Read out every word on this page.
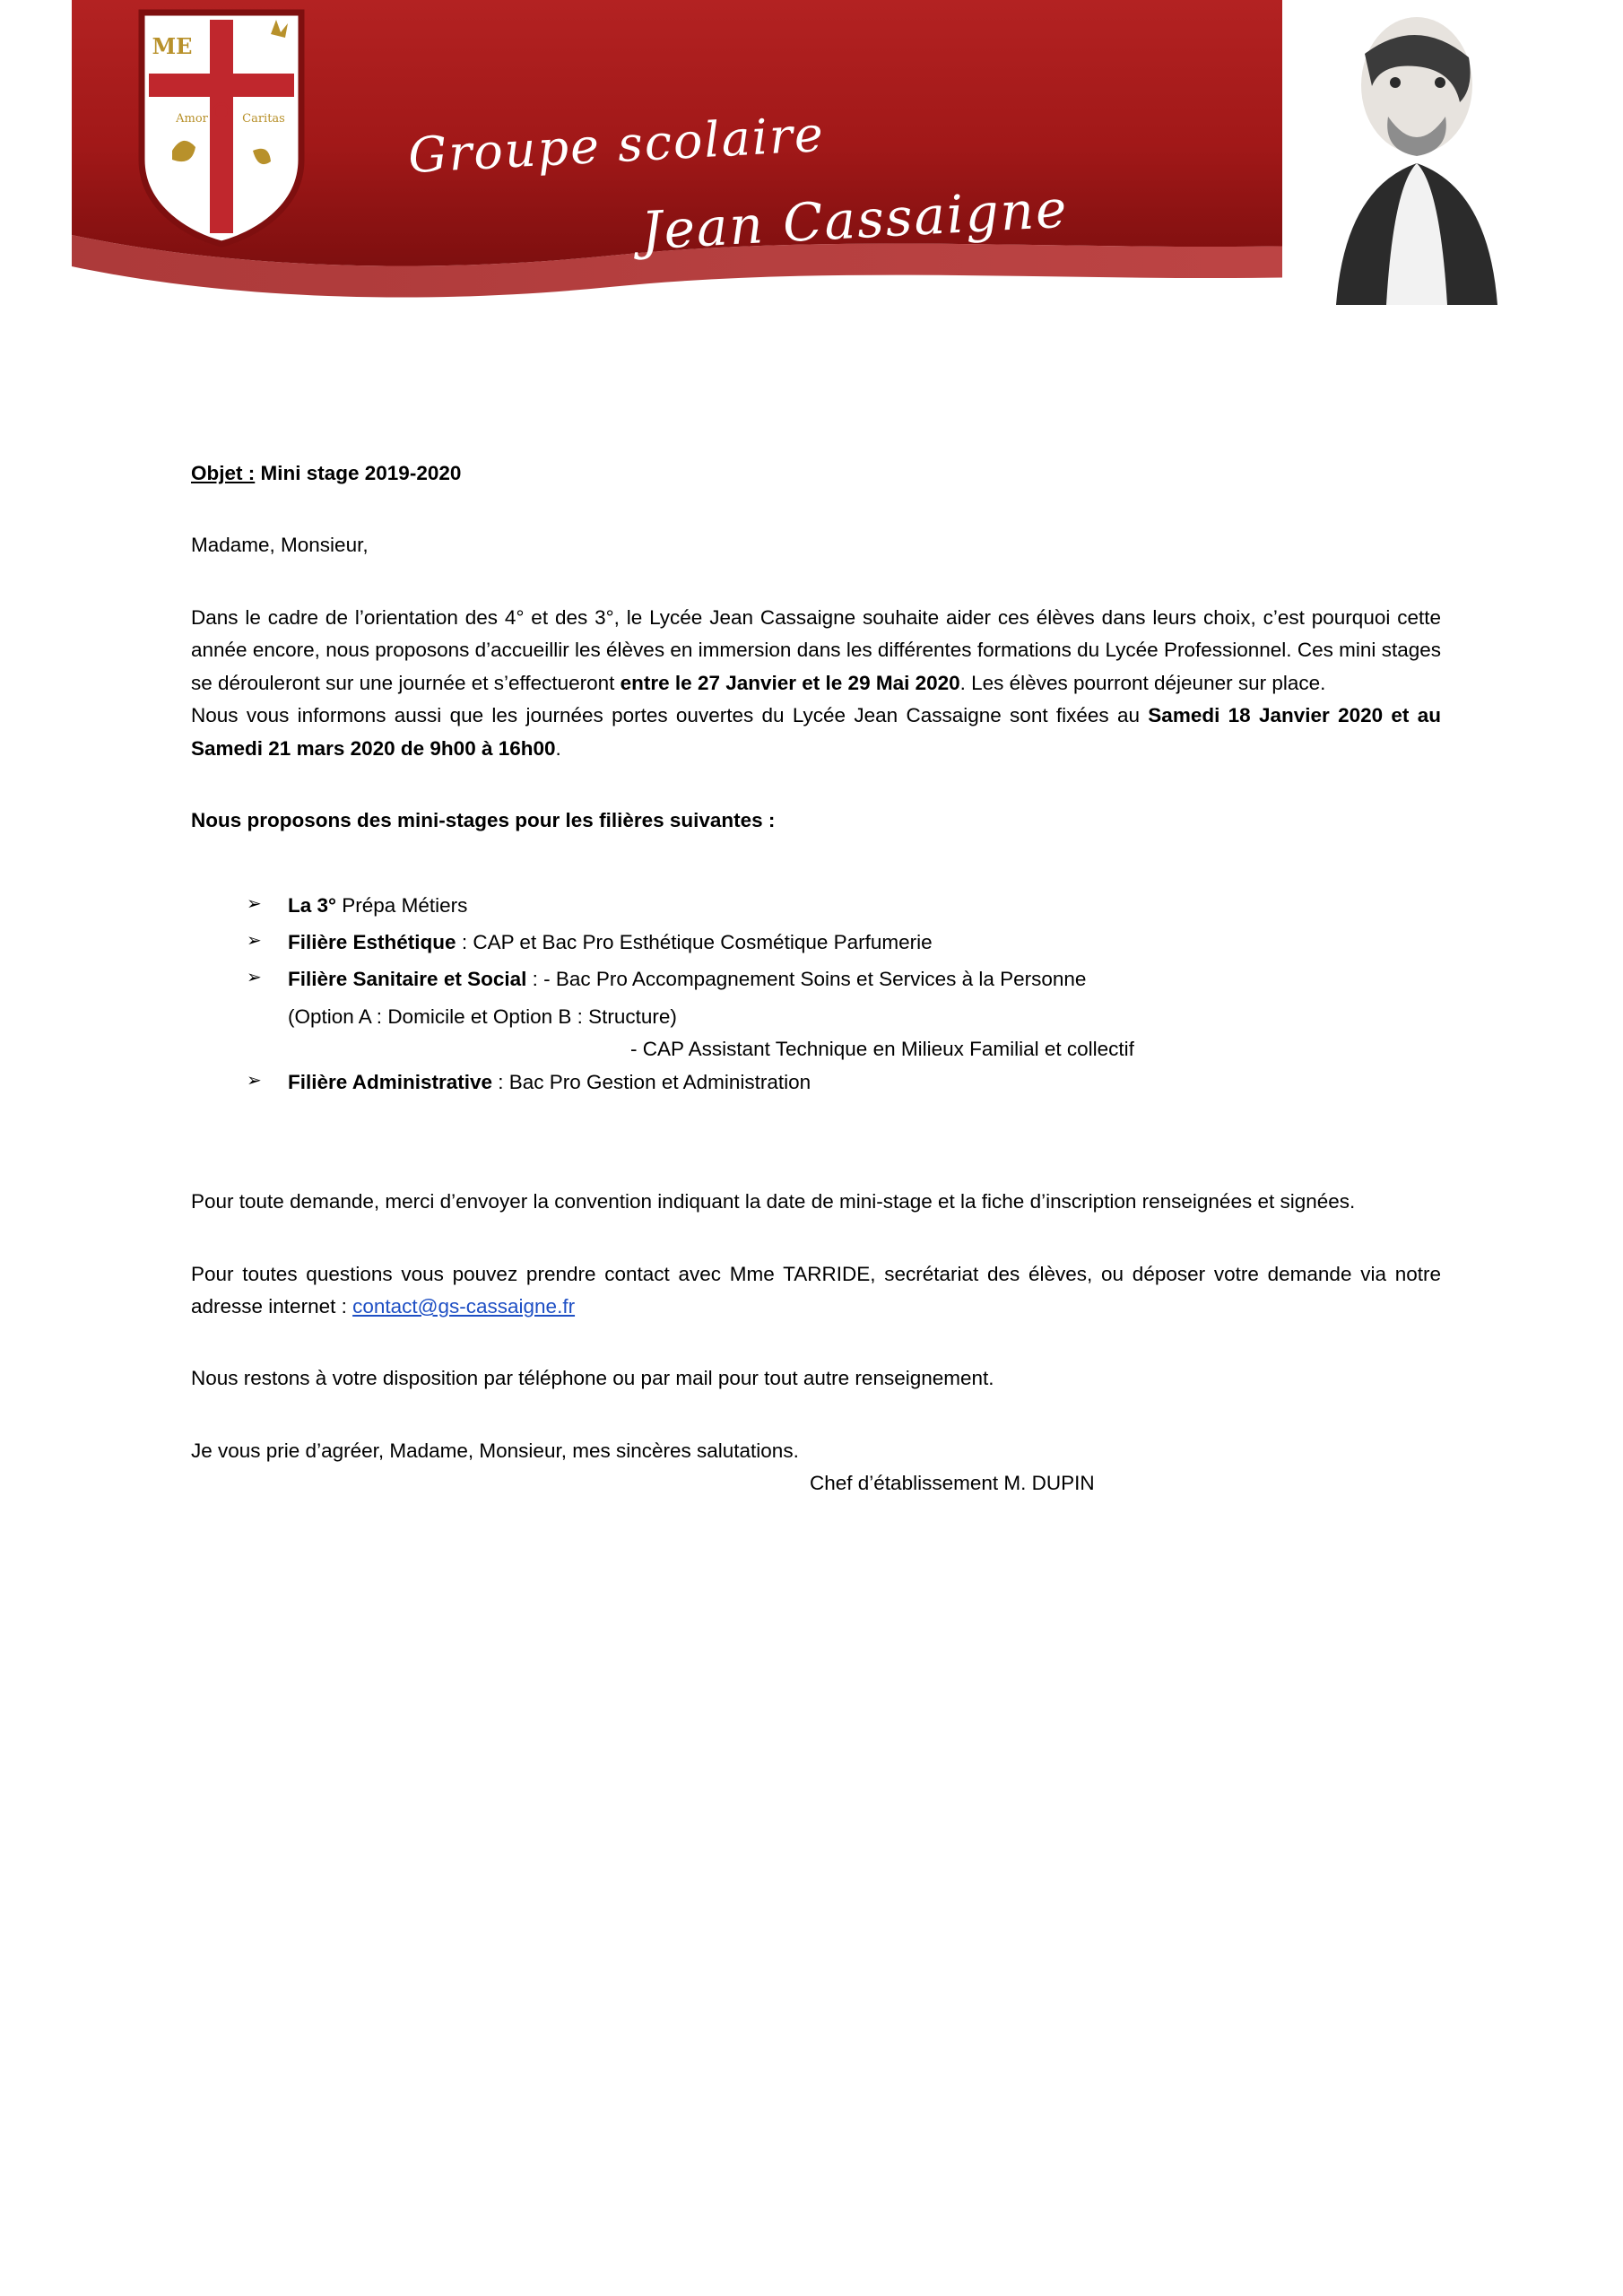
ME
Amor	Caritas	Groupe scolaire
Jean Cassaigne

Objet : Mini stage 2019-2020

Madame, Monsieur,

Dans le cadre de l’orientation des 4° et des 3°, le Lycée Jean Cassaigne souhaite aider ces élèves dans leurs choix, c’est pourquoi cette année encore, nous proposons d’accueillir les élèves en immersion dans les différentes formations du Lycée Professionnel. Ces mini stages se dérouleront sur une journée et s’effectueront entre le 27 Janvier et le 29 Mai 2020. Les élèves pourront déjeuner sur place.

Nous vous informons aussi que les journées portes ouvertes du Lycée Jean Cassaigne sont fixées au Samedi 18 Janvier 2020 et au Samedi 21 mars 2020 de 9h00 à 16h00.

Nous proposons des mini-stages pour les filières suivantes :

➢ La 3° Prépa Métiers
➢ Filière Esthétique : CAP et Bac Pro Esthétique Cosmétique Parfumerie
➢ Filière Sanitaire et Social : - Bac Pro Accompagnement Soins et Services à la Personne
(Option A : Domicile et Option B : Structure)
- CAP Assistant Technique en Milieux Familial et collectif
➢ Filière Administrative : Bac Pro Gestion et Administration

Pour toute demande, merci d’envoyer la convention indiquant la date de mini-stage et la fiche d’inscription renseignées et signées.

Pour toutes questions vous pouvez prendre contact avec Mme TARRIDE, secrétariat des élèves, ou déposer votre demande via notre adresse internet : contact@gs-cassaigne.fr

Nous restons à votre disposition par téléphone ou par mail pour tout autre renseignement.

Je vous prie d’agréer, Madame, Monsieur, mes sincères salutations.

Chef d’établissement M. DUPIN
